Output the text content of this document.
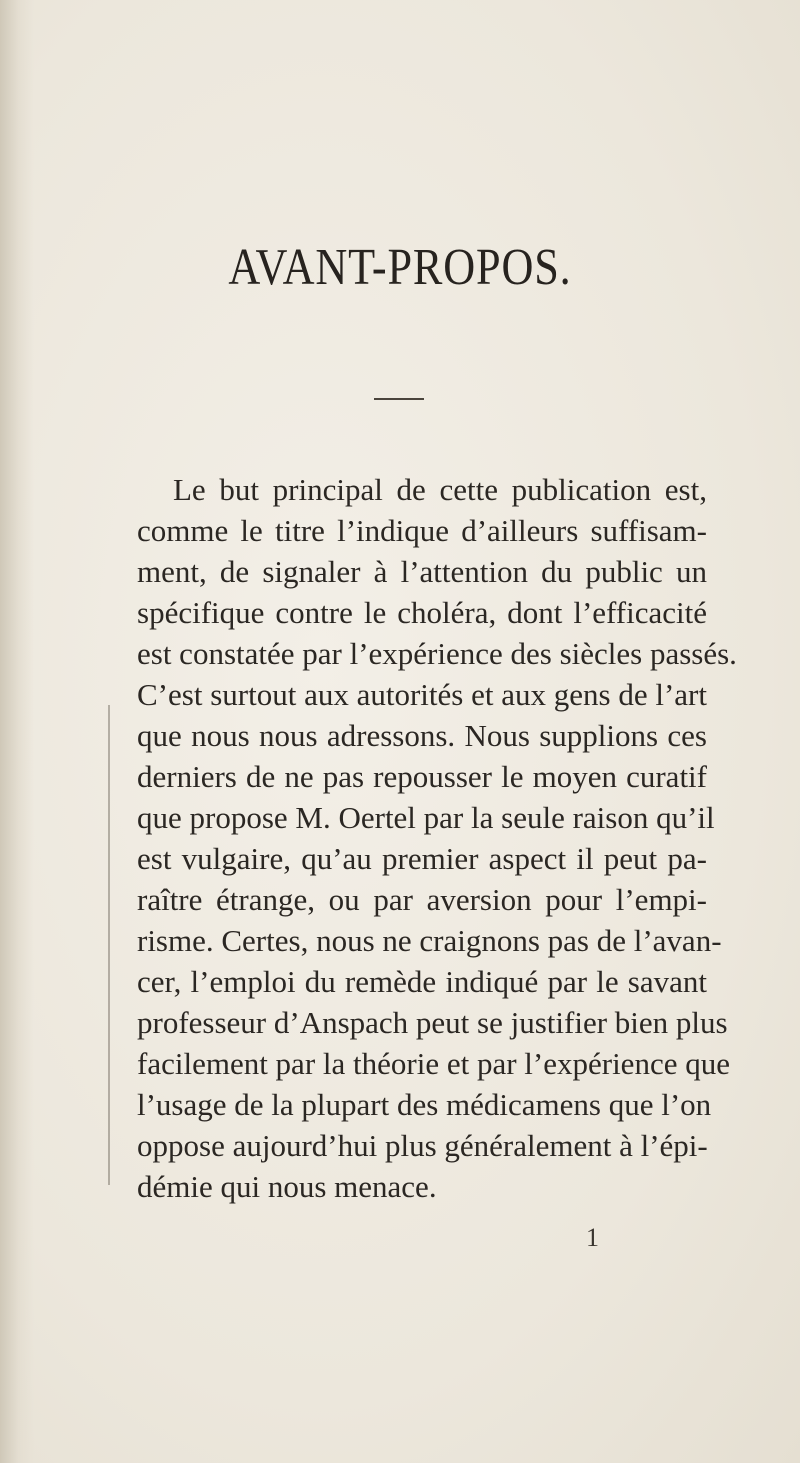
AVANT-PROPOS.
Le but principal de cette publication est,
comme le titre l’indique d’ailleurs suffisam-
ment, de signaler à l’attention du public un
spécifique contre le choléra, dont l’efficacité
est constatée par l’expérience des siècles passés.
C’est surtout aux autorités et aux gens de l’art
que nous nous adressons. Nous supplions ces
derniers de ne pas repousser le moyen curatif
que propose M. Oertel par la seule raison qu’il
est vulgaire, qu’au premier aspect il peut pa-
raître étrange, ou par aversion pour l’empi-
risme. Certes, nous ne craignons pas de l’avan-
cer, l’emploi du remède indiqué par le savant
professeur d’Anspach peut se justifier bien plus
facilement par la théorie et par l’expérience que
l’usage de la plupart des médicamens que l’on
oppose aujourd’hui plus généralement à l’épi-
démie qui nous menace.
1
